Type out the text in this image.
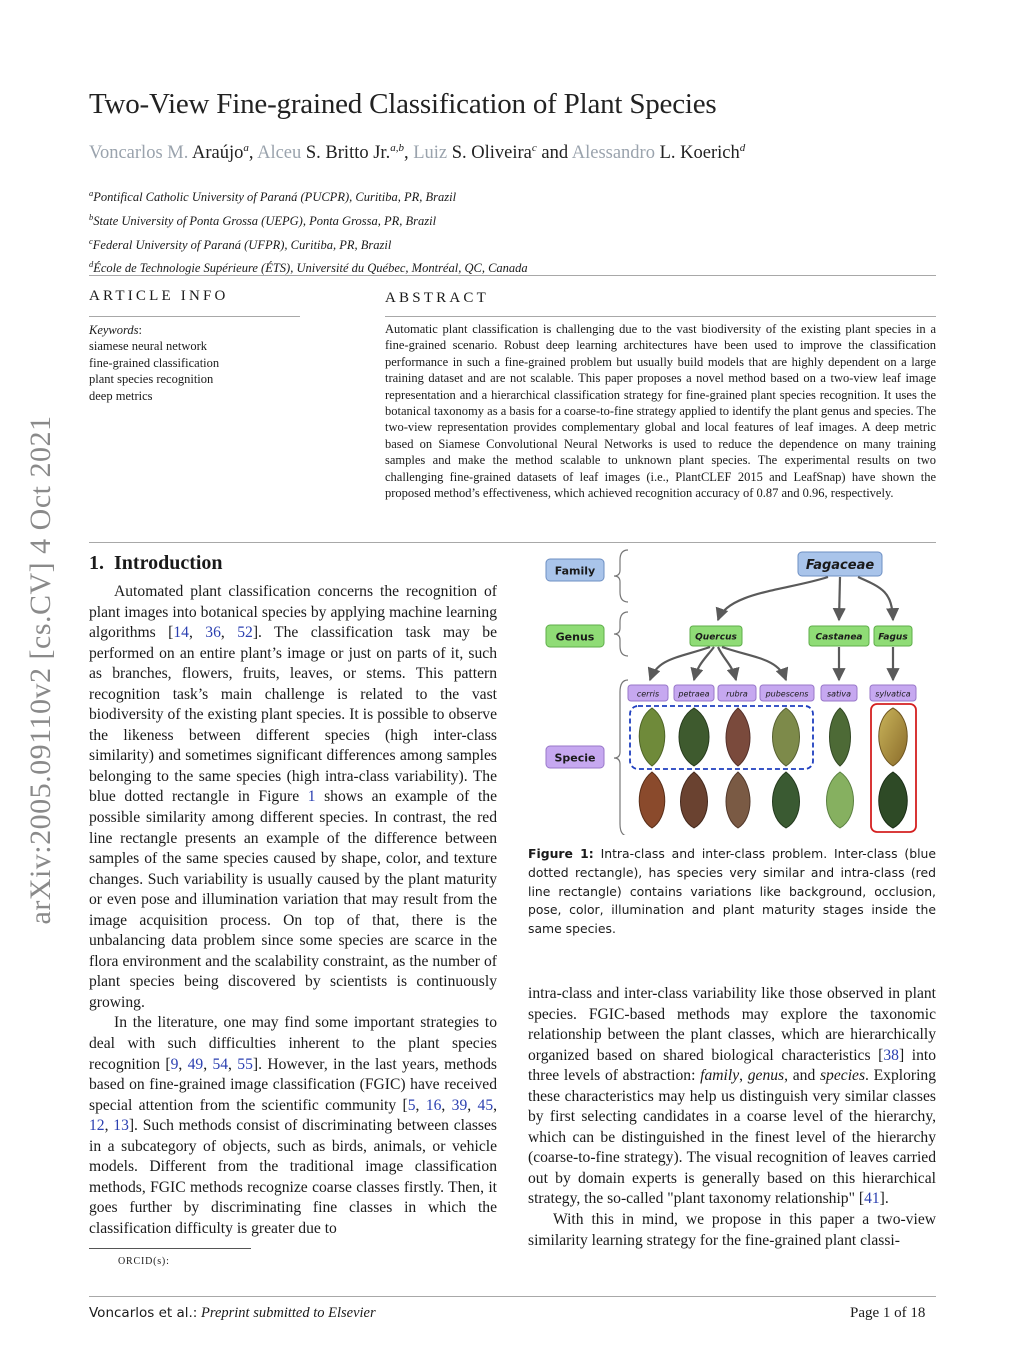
Two-View Fine-grained Classification of Plant Species
Voncarlos M. Araújo$^a$, Alceu S. Britto Jr.$^{a,b}$, Luiz S. Oliveira$^c$ and Alessandro L. Koerich$^d$
$^a$Pontifical Catholic University of Paraná (PUCPR), Curitiba, PR, Brazil
$^b$State University of Ponta Grossa (UEPG), Ponta Grossa, PR, Brazil
$^c$Federal University of Paraná (UFPR), Curitiba, PR, Brazil
$^d$École de Technologie Supérieure (ÉTS), Université du Québec, Montréal, QC, Canada
ARTICLE INFO
Keywords:
siamese neural network
fine-grained classification
plant species recognition
deep metrics
ABSTRACT
Automatic plant classification is challenging due to the vast biodiversity of the existing plant species in a fine-grained scenario. Robust deep learning architectures have been used to improve the classification performance in such a fine-grained problem but usually build models that are highly dependent on a large training dataset and are not scalable. This paper proposes a novel method based on a two-view leaf image representation and a hierarchical classification strategy for fine-grained plant species recognition. It uses the botanical taxonomy as a basis for a coarse-to-fine strategy applied to identify the plant genus and species. The two-view representation provides complementary global and local features of leaf images. A deep metric based on Siamese Convolutional Neural Networks is used to reduce the dependence on many training samples and make the method scalable to unknown plant species. The experimental results on two challenging fine-grained datasets of leaf images (i.e., PlantCLEF 2015 and LeafSnap) have shown the proposed method’s effectiveness, which achieved recognition accuracy of 0.87 and 0.96, respectively.
arXiv:2005.09110v2 [cs.CV] 4 Oct 2021 1. Introduction

Automated plant classification concerns the recognition of plant images into botanical species by applying machine learning algorithms [14, 36, 52]. The classification task may be performed on an entire plant’s image or just on parts of it, such as branches, flowers, fruits, leaves, or stems. This pattern recognition task’s main challenge is related to the vast biodiversity of the existing plant species. It is possible to observe the likeness between different species (high inter-class similarity) and sometimes significant differences among samples belonging to the same species (high intra-class variability). The blue dotted rectangle in Figure 1 shows an example of the possible similarity among different species. In contrast, the red line rectangle presents an example of the difference between samples of the same species caused by shape, color, and texture changes. Such variability is usually caused by the plant maturity or even pose and illumination variation that may result from the image acquisition process. On top of that, there is the unbalancing data problem since some species are scarce in the flora environment and the scalability constraint, as the number of plant species being discovered by scientists is continuously growing.

In the literature, one may find some important strategies to deal with such difficulties inherent to the plant species recognition [9, 49, 54, 55]. However, in the last years, methods based on fine-grained image classification (FGIC) have received special attention from the scientific community [5, 16, 39, 45, 12, 13]. Such methods consist of discriminating between classes in a subcategory of objects, such as birds, animals, or vehicle models. Different from the traditional image classification methods, FGIC methods recognize coarse classes firstly. Then, it goes further by discriminating fine classes in which the classification difficulty is greater due to

Family
Genus
Specie
Fagaceae
Quercus	Castanea Fagus
cerris petraea rubra pubescens sativa	sylvatica
Figure 1: Intra-class and inter-class problem. Inter-class (blue dotted rectangle), has species very similar and intra-class (red line rectangle) contains variations like background, occlusion, pose, color, illumination and plant maturity stages inside the same species.

intra-class and inter-class variability like those observed in plant species. FGIC-based methods may explore the taxonomic relationship between the plant classes, which are hierarchically organized based on shared biological characteristics [38] into three levels of abstraction: family, genus, and species. Exploring these characteristics may help us distinguish very similar classes by first selecting candidates in a coarse level of the hierarchy, which can be distinguished in the finest level of the hierarchy (coarse-to-fine strategy). The visual recognition of leaves carried out by domain experts is generally based on this hierarchical strategy, the so-called "plant taxonomy relationship" [41].

With this in mind, we propose in this paper a two-view similarity learning strategy for the fine-grained plant classi-

ORCID(s):
Voncarlos et al.: Preprint submitted to Elsevier	Page 1 of 18
